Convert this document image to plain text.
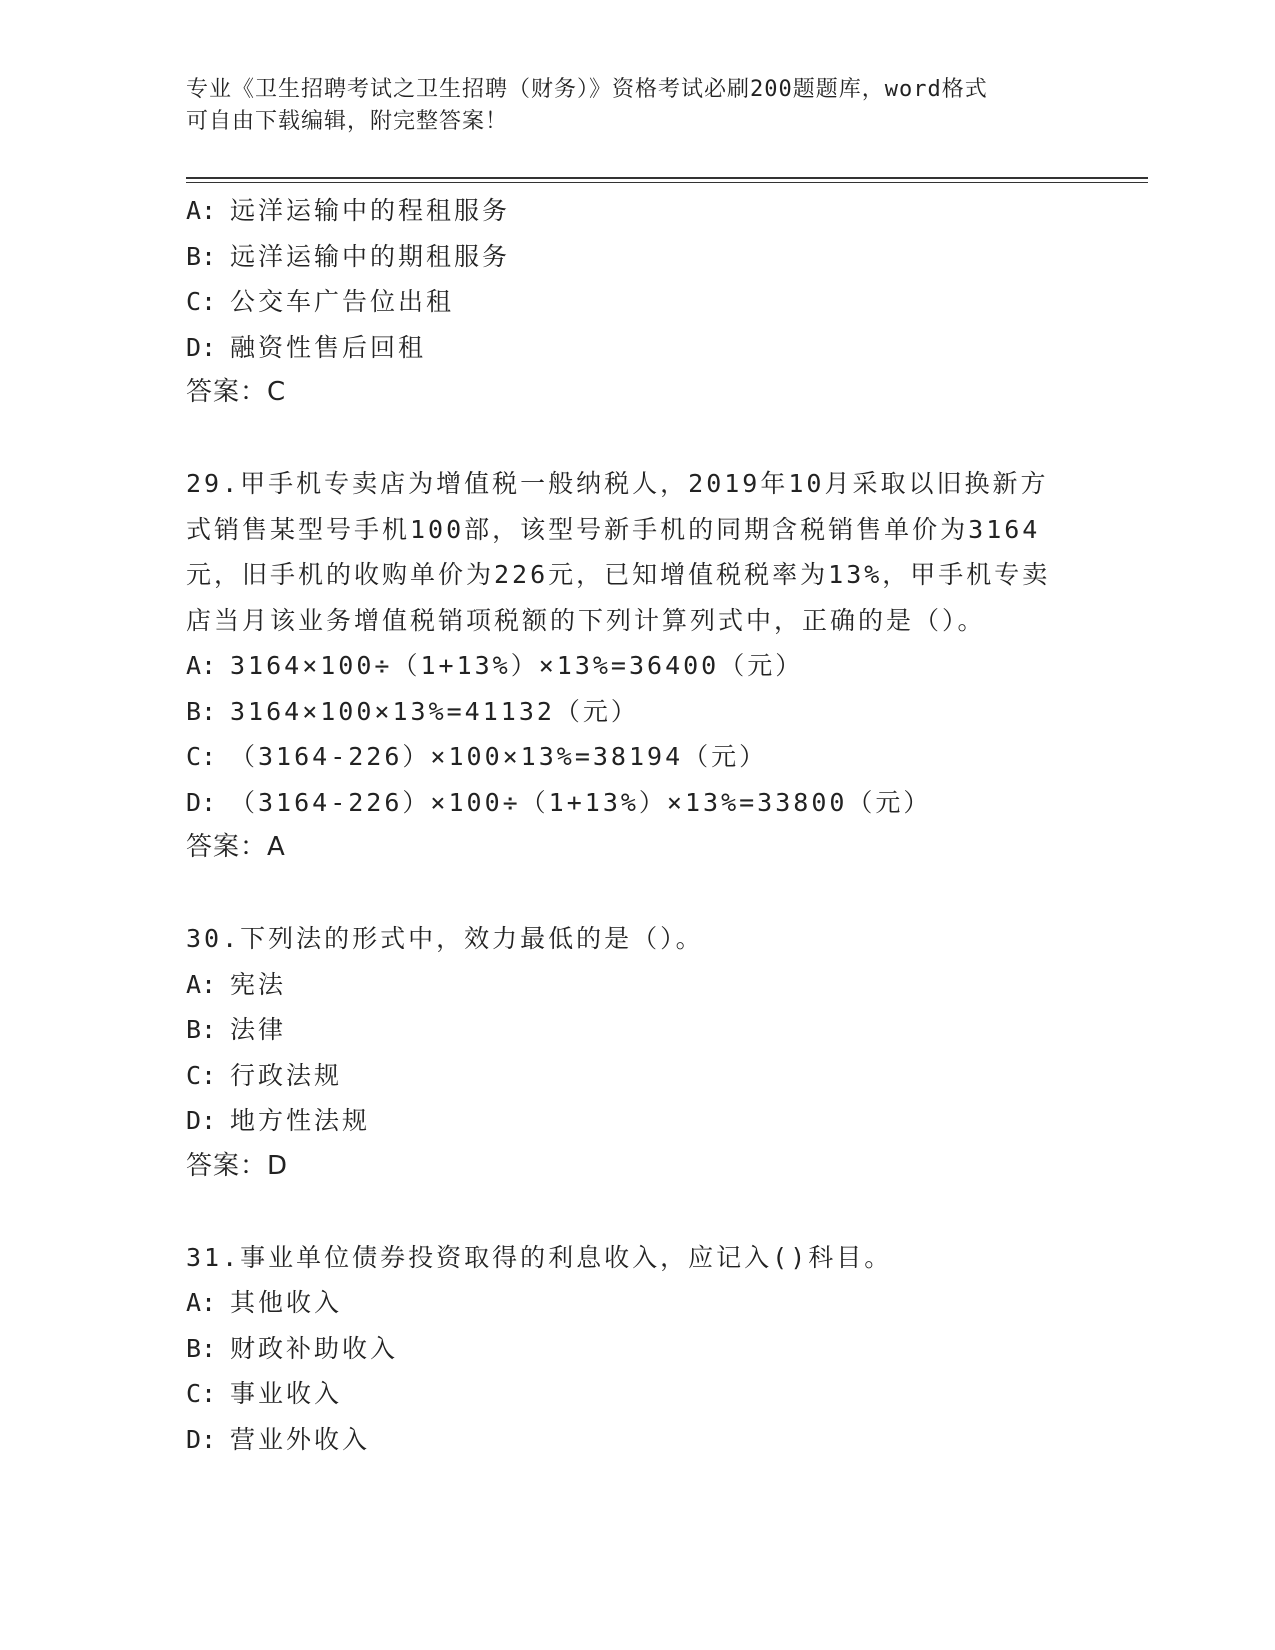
专业《卫生招聘考试之卫生招聘（财务）》资格考试必刷200题题库，word格式
可自由下载编辑，附完整答案！
A: 远洋运输中的程租服务
B: 远洋运输中的期租服务
C: 公交车广告位出租
D: 融资性售后回租
答案：C
29.甲手机专卖店为增值税一般纳税人，2019年10月采取以旧换新方
式销售某型号手机100部，该型号新手机的同期含税销售单价为3164
元，旧手机的收购单价为226元，已知增值税税率为13%，甲手机专卖
店当月该业务增值税销项税额的下列计算列式中，正确的是（）。
A: 3164×100÷（1+13%）×13%=36400（元）
B: 3164×100×13%=41132（元）
C: （3164-226）×100×13%=38194（元）
D: （3164-226）×100÷（1+13%）×13%=33800（元）
答案：A
30.下列法的形式中，效力最低的是（）。
A: 宪法
B: 法律
C: 行政法规
D: 地方性法规
答案：D
31.事业单位债券投资取得的利息收入，应记入()科目。
A: 其他收入
B: 财政补助收入
C: 事业收入
D: 营业外收入
